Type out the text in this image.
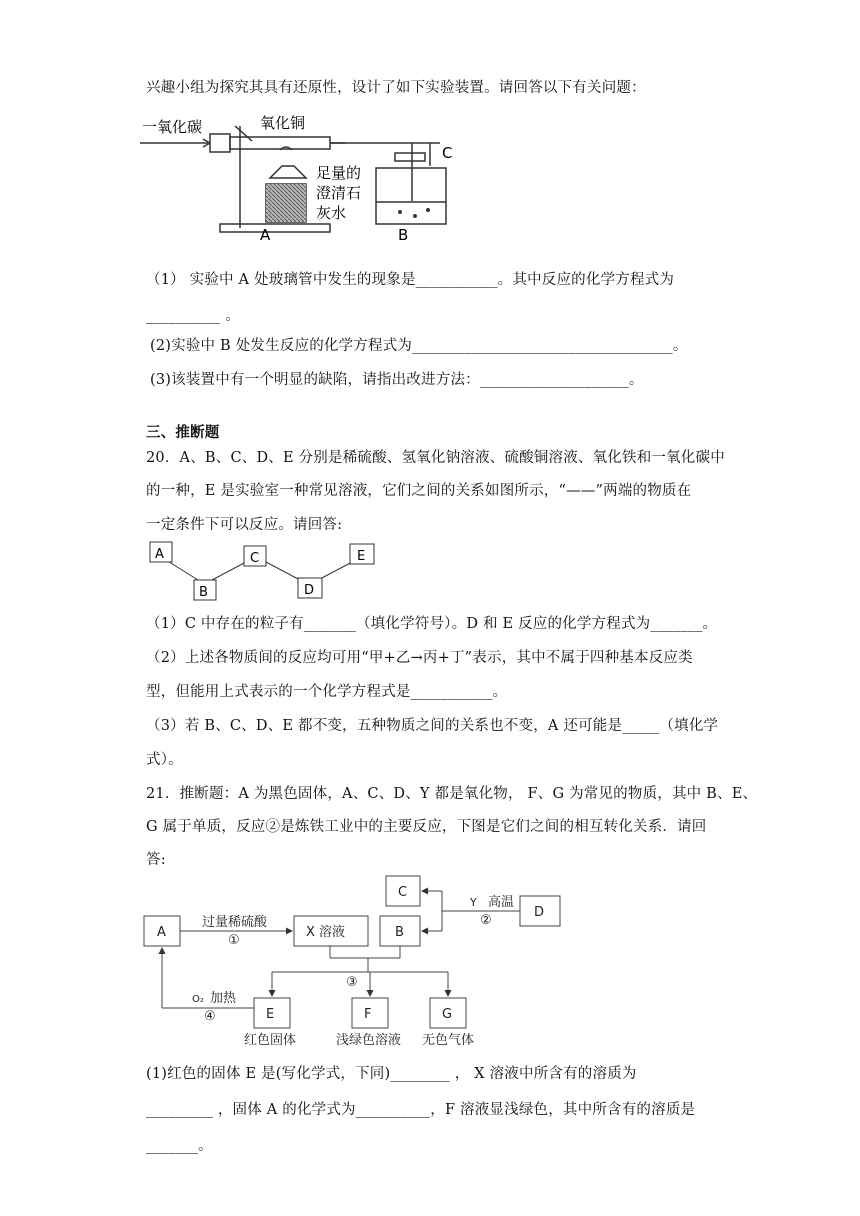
兴趣小组为探究其具有还原性，设计了如下实验装置。请回答以下有关问题：
一氧化碳	氧化铜
足量的
澄清石
灰水
A	B
C
（1） 实验中 A 处玻璃管中发生的现象是___________。其中反应的化学方程式为
__________ 。
(2)实验中 B 处发生反应的化学方程式为___________________________________。
(3)该装置中有一个明显的缺陷，请指出改进方法：____________________。
三、推断题
20．A、B、C、D、E 分别是稀硫酸、氢氧化钠溶液、硫酸铜溶液、氧化铁和一氧化碳中
的一种，E 是实验室一种常见溶液，它们之间的关系如图所示，“——”两端的物质在
一定条件下可以反应。请回答:
A
B
C
D
E
（1）C 中存在的粒子有_______（填化学符号）。D 和 E 反应的化学方程式为_______。
（2）上述各物质间的反应均可用“甲+乙→丙+丁”表示，其中不属于四种基本反应类
型，但能用上式表示的一个化学方程式是___________。
（3）若 B、C、D、E 都不变，五种物质之间的关系也不变，A 还可能是_____（填化学
式）。
21．推断题：A 为黑色固体，A、C、D、Y 都是氧化物， F、G 为常见的物质，其中 B、E、
G 属于单质，反应②是炼铁工业中的主要反应，下图是它们之间的相互转化关系．请回
答:
A	X 溶液	B
C
D
E	F	G
过量稀硫酸
①
Y 高温
②
③
O₂ 加热
④
红色固体	浅绿色溶液 无色气体
(1)红色的固体 E 是(写化学式，下同)________ ， X 溶液中所含有的溶质为
_________ ，固体 A 的化学式为__________，F 溶液显浅绿色，其中所含有的溶质是
_______。
